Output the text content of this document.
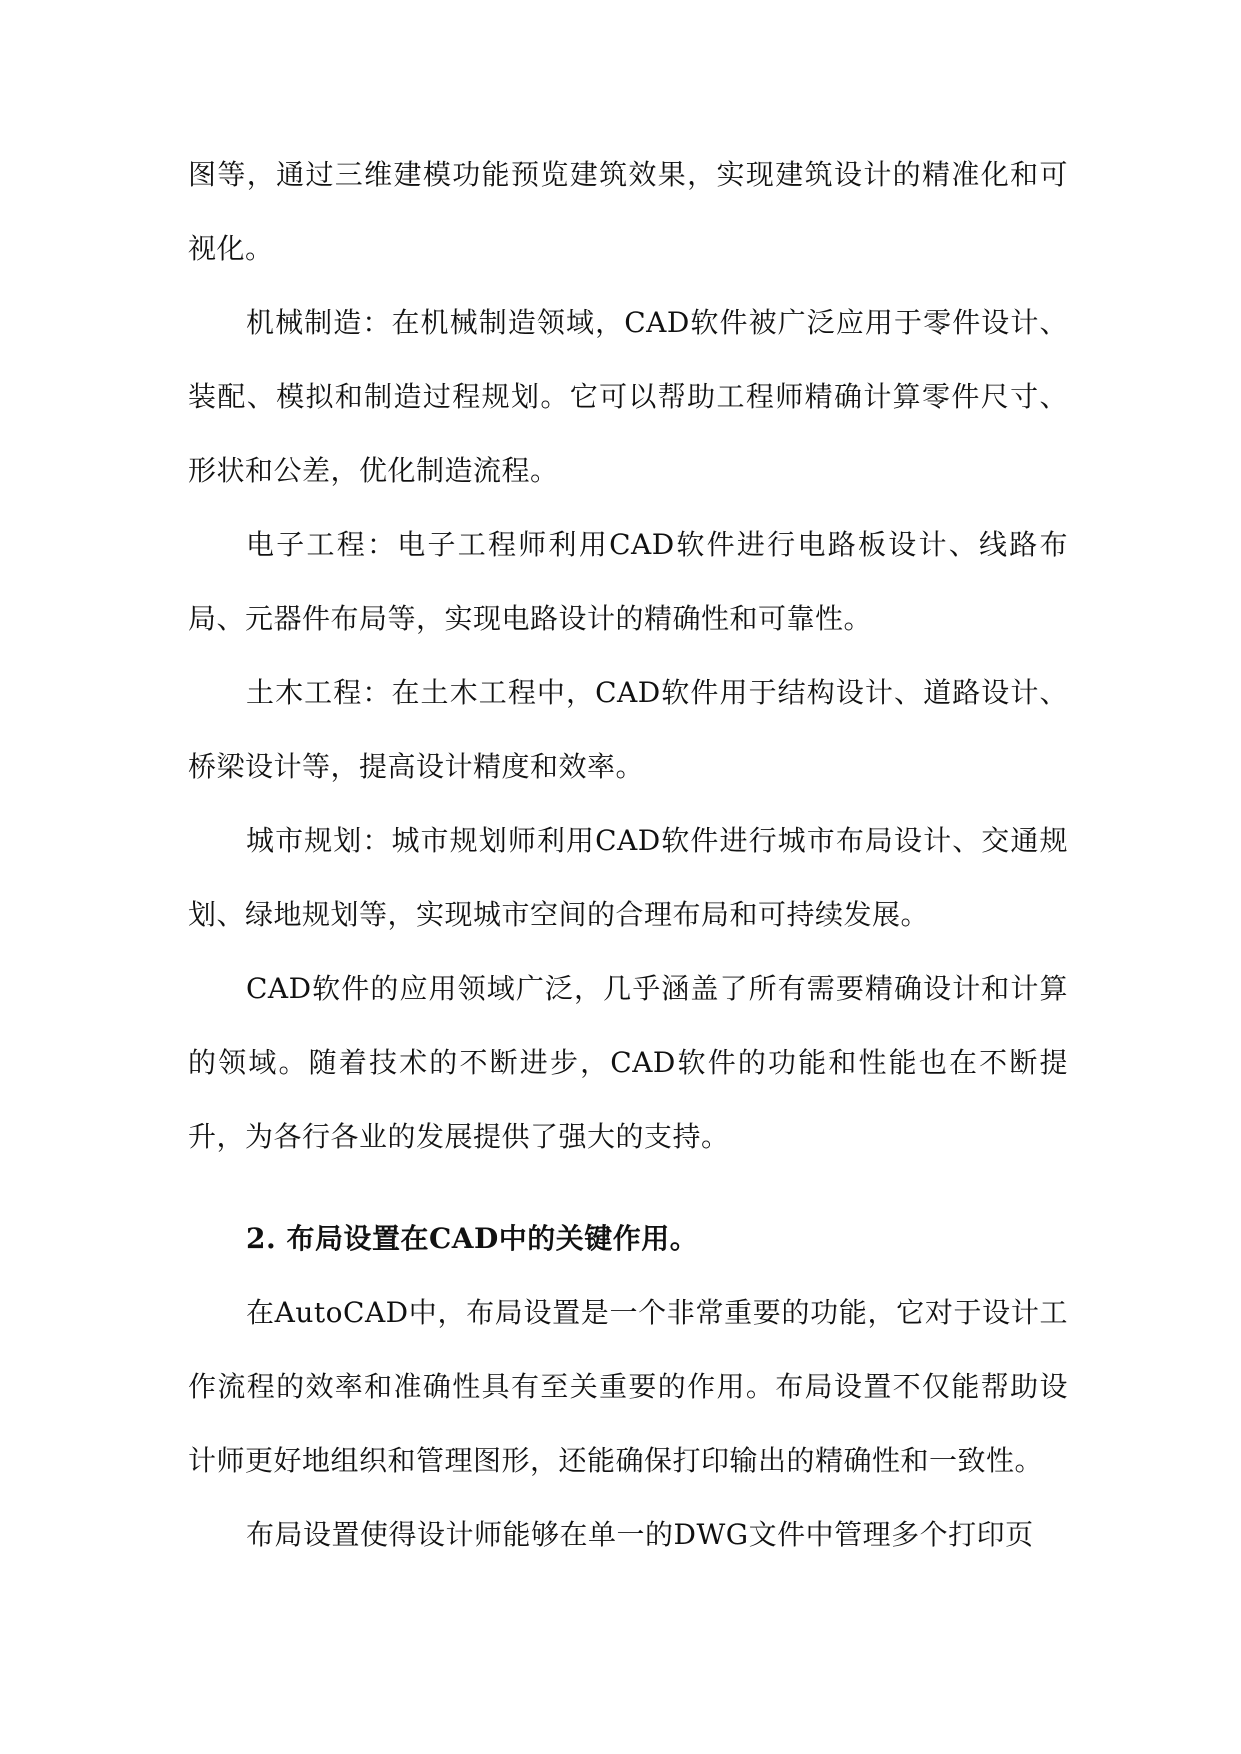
图等，通过三维建模功能预览建筑效果，实现建筑设计的精准化和可视化。

机械制造：在机械制造领域，CAD软件被广泛应用于零件设计、装配、模拟和制造过程规划。它可以帮助工程师精确计算零件尺寸、形状和公差，优化制造流程。

电子工程：电子工程师利用CAD软件进行电路板设计、线路布局、元器件布局等，实现电路设计的精确性和可靠性。

土木工程：在土木工程中，CAD软件用于结构设计、道路设计、桥梁设计等，提高设计精度和效率。

城市规划：城市规划师利用CAD软件进行城市布局设计、交通规划、绿地规划等，实现城市空间的合理布局和可持续发展。

CAD软件的应用领域广泛，几乎涵盖了所有需要精确设计和计算的领域。随着技术的不断进步，CAD软件的功能和性能也在不断提升，为各行各业的发展提供了强大的支持。

2. 布局设置在CAD中的关键作用。

在AutoCAD中，布局设置是一个非常重要的功能，它对于设计工作流程的效率和准确性具有至关重要的作用。布局设置不仅能帮助设计师更好地组织和管理图形，还能确保打印输出的精确性和一致性。

布局设置使得设计师能够在单一的DWG文件中管理多个打印页
